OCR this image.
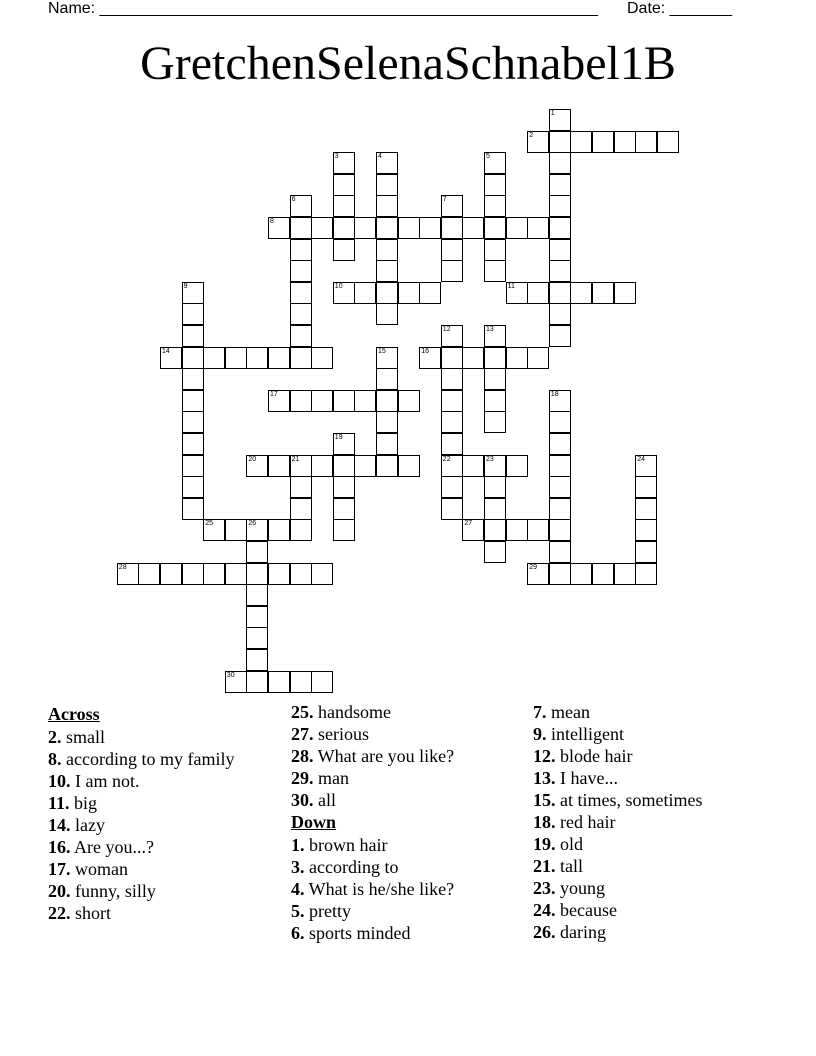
Name: ________________________________________________________ Date: _______
GretchenSelenaSchnabel1B
1
2
3	4	5
6	7
8
9	10	11
12
22
13
14	15	16
17	18
19
20	21	23	24
25	26	27
28	29
30
Across
2. small
8. according to my family
10. I am not.
11. big
14. lazy
16. Are you...?
17. woman
20. funny, silly
22. short
25. handsome
27. serious
28. What are you like?
29. man
30. all
Down
1. brown hair
3. according to
4. What is he/she like?
5. pretty
6. sports minded
7. mean
9. intelligent
12. blode hair
13. I have...
15. at times, sometimes
18. red hair
19. old
21. tall
23. young
24. because
26. daring
